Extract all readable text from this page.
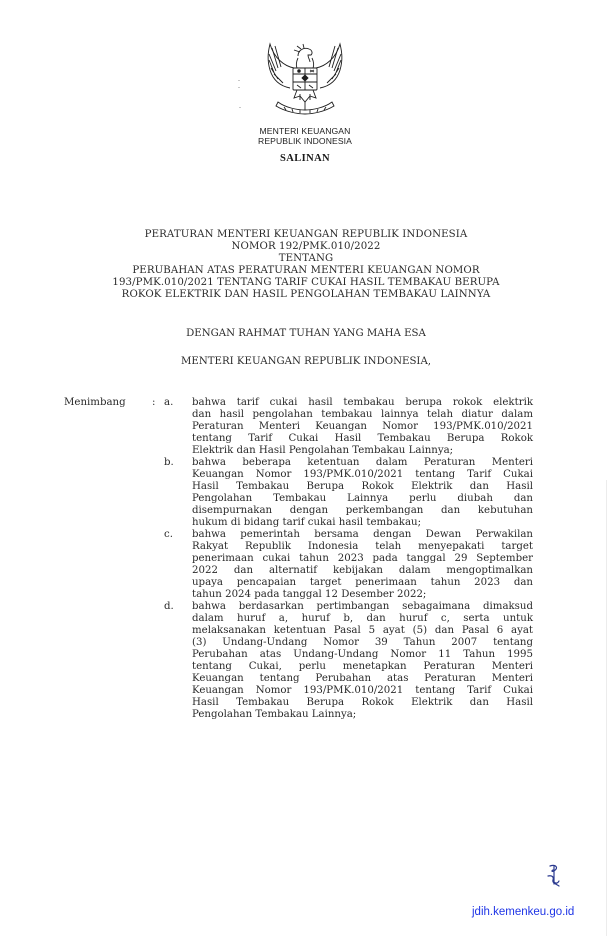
MENTERI KEUANGAN
REPUBLIK INDONESIA
SALINAN
PERATURAN MENTERI KEUANGAN REPUBLIK INDONESIA
NOMOR 192/PMK.010/2022
TENTANG
PERUBAHAN ATAS PERATURAN MENTERI KEUANGAN NOMOR
193/PMK.010/2021 TENTANG TARIF CUKAI HASIL TEMBAKAU BERUPA
ROKOK ELEKTRIK DAN HASIL PENGOLAHAN TEMBAKAU LAINNYA
DENGAN RAHMAT TUHAN YANG MAHA ESA
MENTERI KEUANGAN REPUBLIK INDONESIA,
Menimbang	: a. bahwa tarif cukai hasil tembakau berupa rokok elektrik
dan hasil pengolahan tembakau lainnya telah diatur dalam
Peraturan Menteri Keuangan Nomor 193/PMK.010/2021
tentang Tarif Cukai Hasil Tembakau Berupa Rokok
Elektrik dan Hasil Pengolahan Tembakau Lainnya;
b. bahwa beberapa ketentuan dalam Peraturan Menteri
Keuangan Nomor 193/PMK.010/2021 tentang Tarif Cukai
Hasil Tembakau Berupa Rokok Elektrik dan Hasil
Pengolahan Tembakau Lainnya perlu diubah dan
disempurnakan dengan perkembangan dan kebutuhan
hukum di bidang tarif cukai hasil tembakau;
c. bahwa pemerintah bersama dengan Dewan Perwakilan
Rakyat Republik Indonesia telah menyepakati target
penerimaan cukai tahun 2023 pada tanggal 29 September
2022 dan alternatif kebijakan dalam mengoptimalkan
upaya pencapaian target penerimaan tahun 2023 dan
tahun 2024 pada tanggal 12 Desember 2022;
d. bahwa berdasarkan pertimbangan sebagaimana dimaksud
dalam huruf a, huruf b, dan huruf c, serta untuk
melaksanakan ketentuan Pasal 5 ayat (5) dan Pasal 6 ayat
(3) Undang-Undang Nomor 39 Tahun 2007 tentang
Perubahan atas Undang-Undang Nomor 11 Tahun 1995
tentang Cukai, perlu menetapkan Peraturan Menteri
Keuangan tentang Perubahan atas Peraturan Menteri
Keuangan Nomor 193/PMK.010/2021 tentang Tarif Cukai
Hasil Tembakau Berupa Rokok Elektrik dan Hasil
Pengolahan Tembakau Lainnya;
jdih.kemenkeu.go.id
